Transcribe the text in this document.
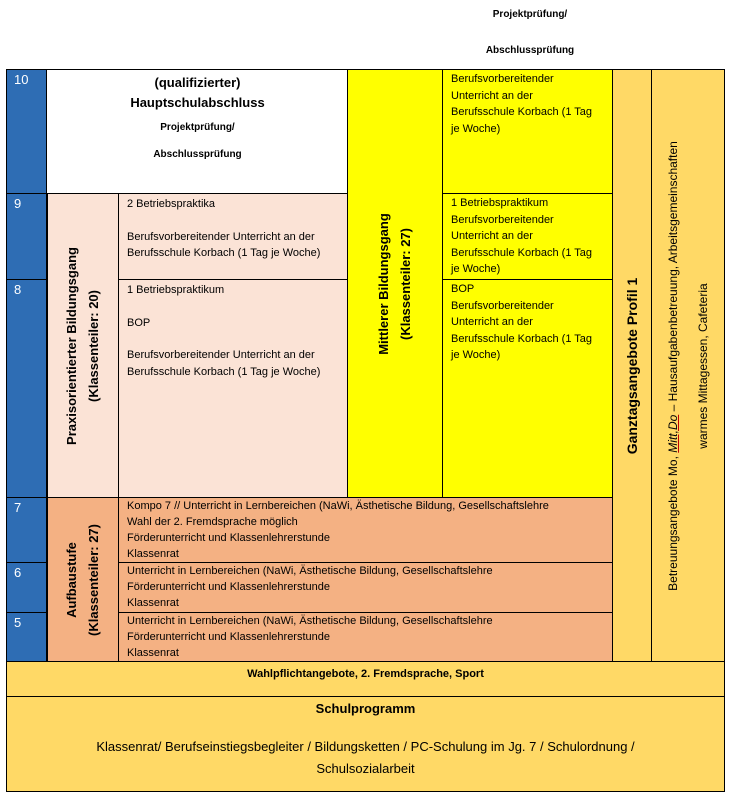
Projektprüfung/
Abschlussprüfung
10
9
8
7
6
5
(qualifizierter)
Hauptschulabschluss
Projektprüfung/
Abschlussprüfung
Praxisorientierter Bildungsgang (Klassenteiler: 20)
2 Betriebspraktika
Berufsvorbereitender Unterricht an der
Berufsschule Korbach (1 Tag je Woche)
1 Betriebspraktikum
BOP
Berufsvorbereitender Unterricht an der
Berufsschule Korbach (1 Tag je Woche)
Mittlerer Bildungsgang (Klassenteiler: 27)
Berufsvorbereitender
Unterricht an der
Berufsschule Korbach (1 Tag
je Woche)
1 Betriebspraktikum
Berufsvorbereitender
Unterricht an der
Berufsschule Korbach (1 Tag
je Woche)
BOP
Berufsvorbereitender
Unterricht an der
Berufsschule Korbach (1 Tag
je Woche)
Aufbaustufe (Klassenteiler: 27)
Kompo 7 // Unterricht in Lernbereichen (NaWi, Ästhetische Bildung, Gesellschaftslehre
Wahl der 2. Fremdsprache möglich
Förderunterricht und Klassenlehrerstunde
Klassenrat
Unterricht in Lernbereichen (NaWi, Ästhetische Bildung, Gesellschaftslehre
Förderunterricht und Klassenlehrerstunde
Klassenrat
Unterricht in Lernbereichen (NaWi, Ästhetische Bildung, Gesellschaftslehre
Förderunterricht und Klassenlehrerstunde
Klassenrat
Ganztagsangebote Profil 1
Betreuungsangebote Mo, Mitt,Do – Hausaufgabenbetreuung, Arbeitsgemeinschaften	warmes Mittagessen, Cafeteria
Wahlpflichtangebote, 2. Fremdsprache, Sport
Schulprogramm
Klassenrat/ Berufseinstiegsbegleiter / Bildungsketten / PC-Schulung im Jg. 7 / Schulordnung /
Schulsozialarbeit
